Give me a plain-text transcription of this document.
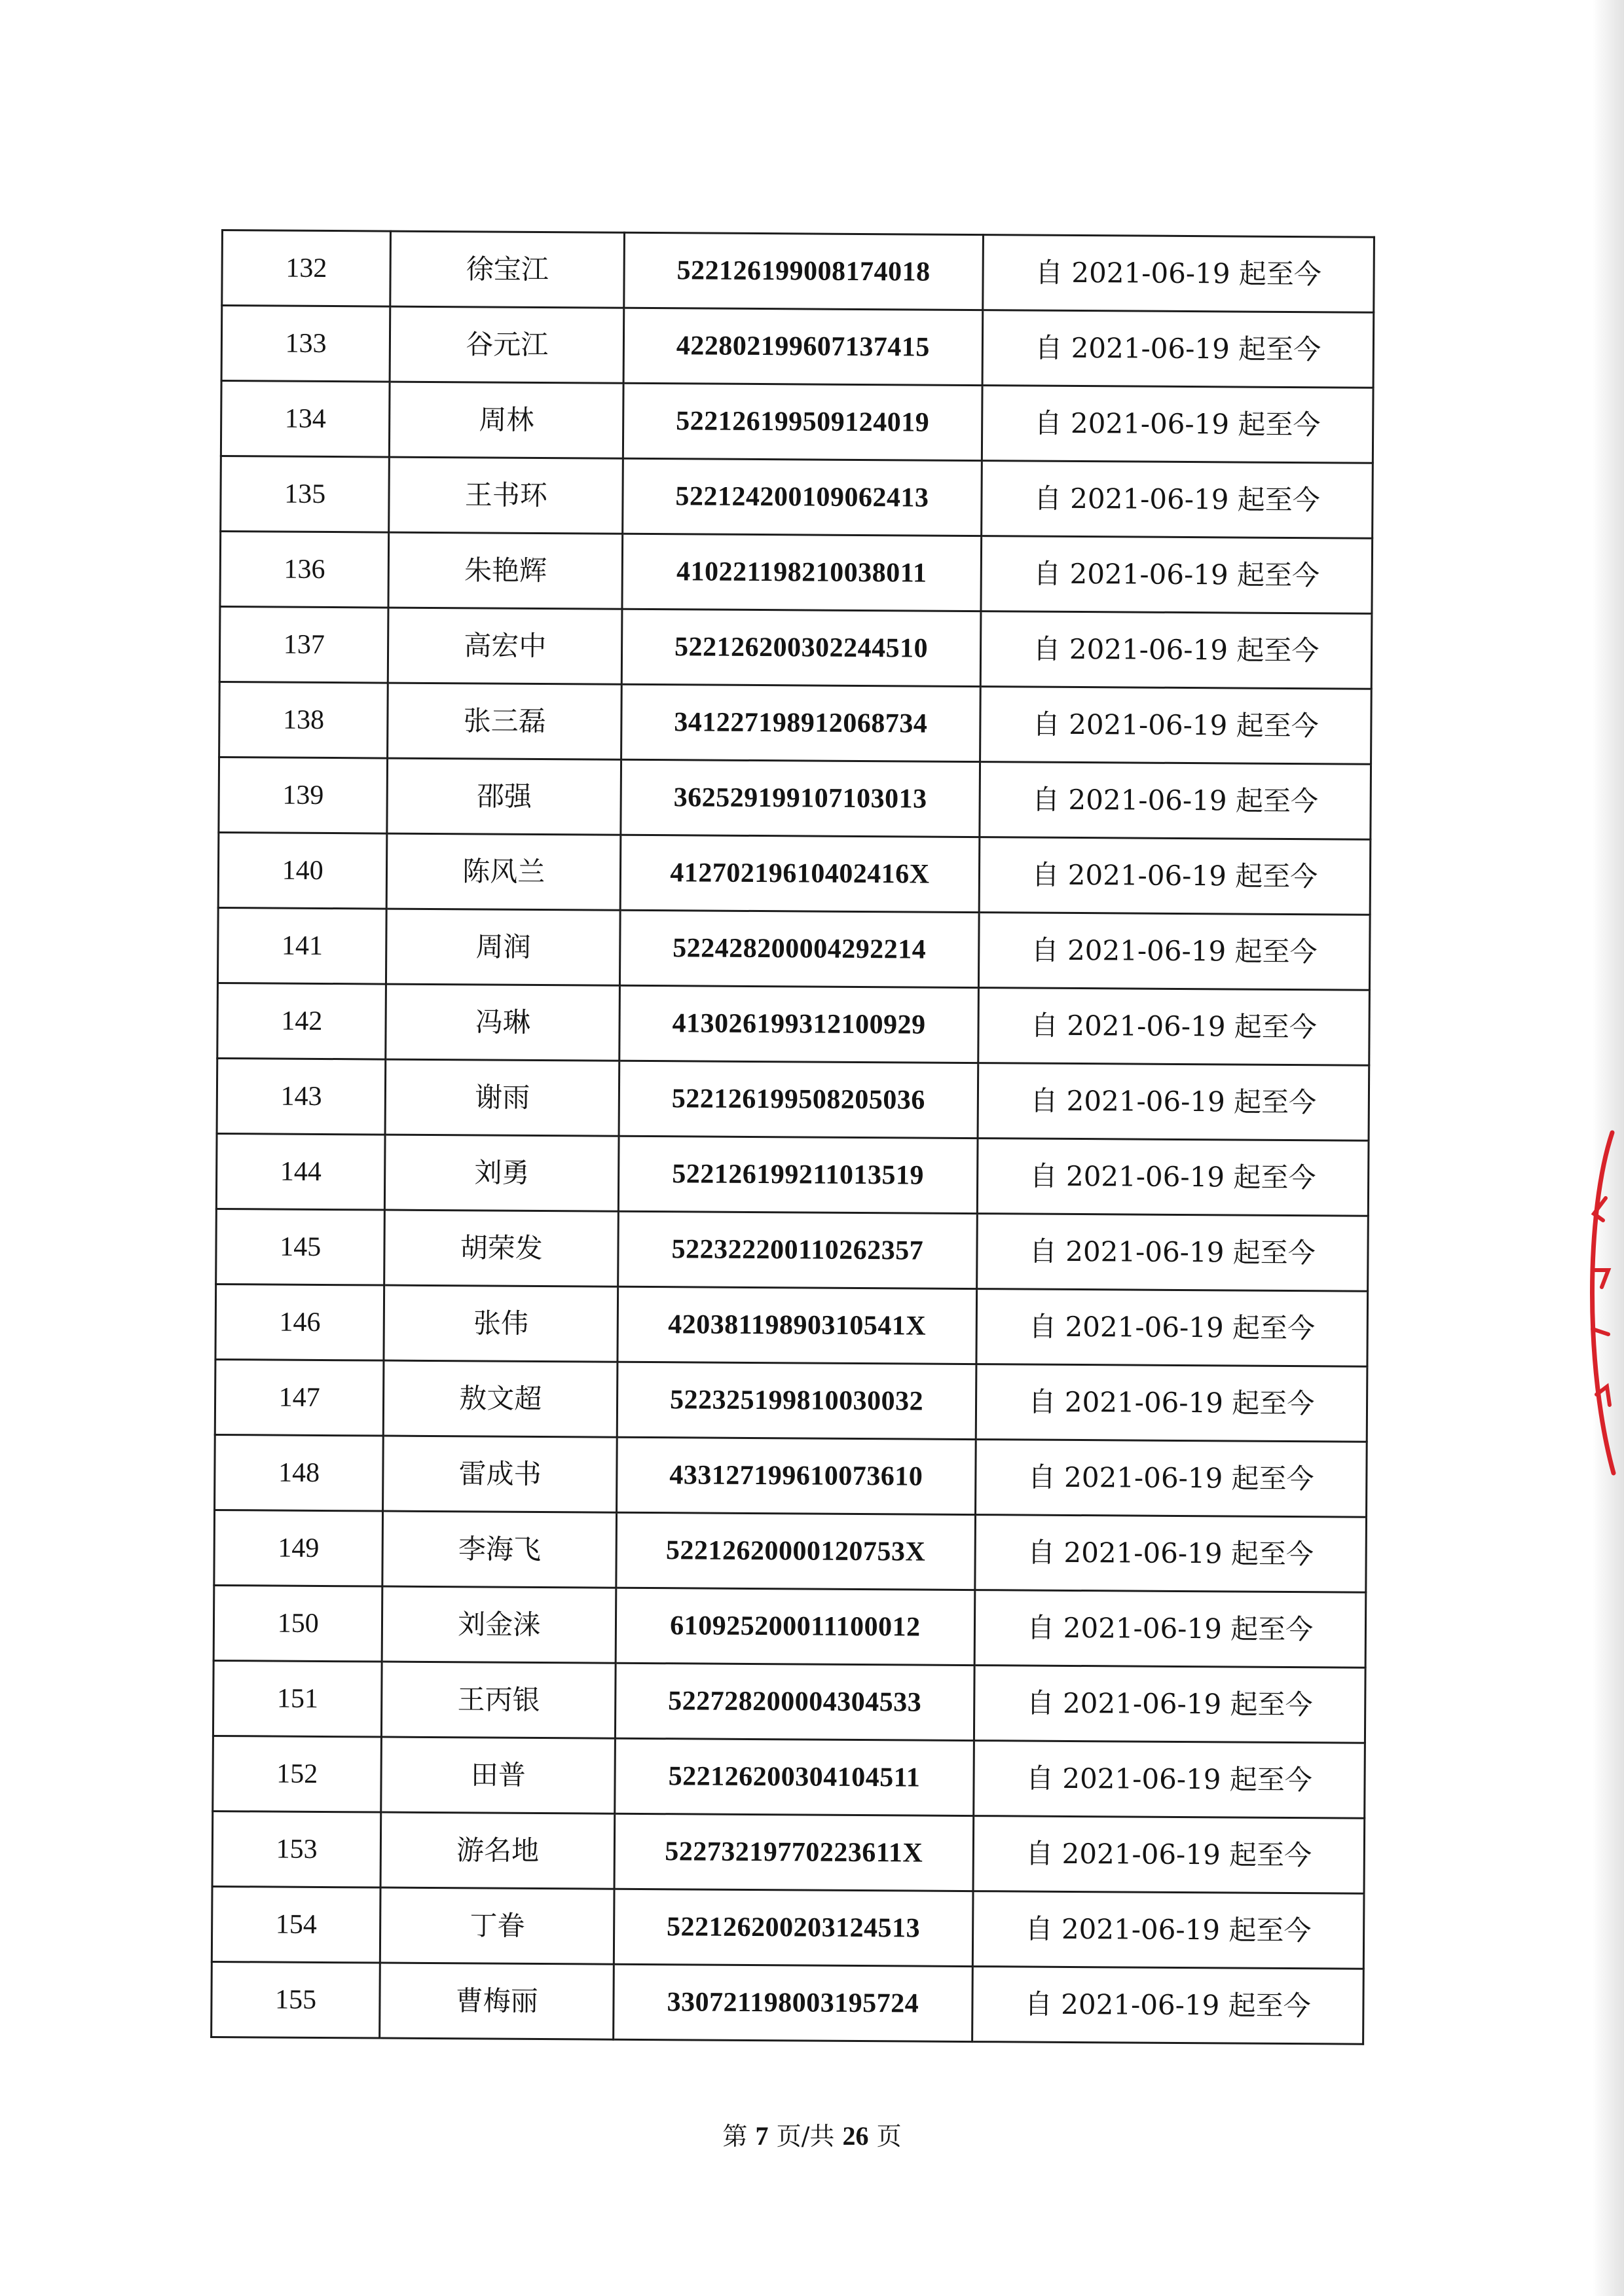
132	徐宝江	522126199008174018	自 2021-06-19 起至今
133	谷元江	422802199607137415	自 2021-06-19 起至今
134	周林	522126199509124019	自 2021-06-19 起至今
135	王书环	522124200109062413	自 2021-06-19 起至今
136	朱艳辉	410221198210038011	自 2021-06-19 起至今
137	高宏中	522126200302244510	自 2021-06-19 起至今
138	张三磊	341227198912068734	自 2021-06-19 起至今
139	邵强	362529199107103013	自 2021-06-19 起至今
140	陈风兰	41270219610402416X	自 2021-06-19 起至今
141	周润	522428200004292214	自 2021-06-19 起至今
142	冯琳	413026199312100929	自 2021-06-19 起至今
143	谢雨	522126199508205036	自 2021-06-19 起至今
144	刘勇	522126199211013519	自 2021-06-19 起至今
145	胡荣发	522322200110262357	自 2021-06-19 起至今
146	张伟	42038119890310541X	自 2021-06-19 起至今
147	敖文超	522325199810030032	自 2021-06-19 起至今
148	雷成书	433127199610073610	自 2021-06-19 起至今
149	李海飞	52212620000120753X	自 2021-06-19 起至今
150	刘金涞	610925200011100012	自 2021-06-19 起至今
151	王丙银	522728200004304533	自 2021-06-19 起至今
152	田普	522126200304104511	自 2021-06-19 起至今
153	游名地	52273219770223611X	自 2021-06-19 起至今
154	丁眷	522126200203124513	自 2021-06-19 起至今
155	曹梅丽	330721198003195724	自 2021-06-19 起至今
第 7 页/共 26 页
